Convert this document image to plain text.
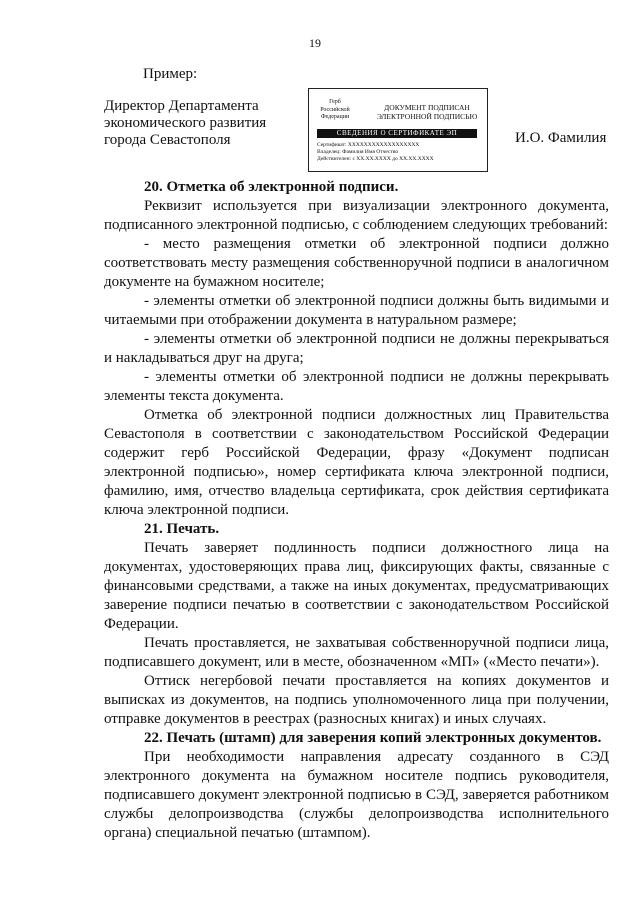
19
Пример:
Директор Департамента
экономического развития
города Севастополя
Герб
Российской
Федерации
ДОКУМЕНТ ПОДПИСАН
ЭЛЕКТРОННОЙ ПОДПИСЬЮ
СВЕДЕНИЯ О СЕРТИФИКАТЕ ЭП
Сертификат: XXXXXXXXXXXXXXXXXX
Владелец: Фамилия Имя Отчество
Действителен: с XX.XX.XXXX до XX.XX.XXXX
И.О. Фамилия

20. Отметка об электронной подписи.

Реквизит используется при визуализации электронного документа, подписанного электронной подписью, с соблюдением следующих требований:

- место размещения отметки об электронной подписи должно соответствовать месту размещения собственноручной подписи в аналогичном документе на бумажном носителе;

- элементы отметки об электронной подписи должны быть видимыми и читаемыми при отображении документа в натуральном размере;

- элементы отметки об электронной подписи не должны перекрываться и накладываться друг на друга;

- элементы отметки об электронной подписи не должны перекрывать элементы текста документа.

Отметка об электронной подписи должностных лиц Правительства Севастополя в соответствии с законодательством Российской Федерации содержит герб Российской Федерации, фразу «Документ подписан электронной подписью», номер сертификата ключа электронной подписи, фамилию, имя, отчество владельца сертификата, срок действия сертификата ключа электронной подписи.

21. Печать.

Печать заверяет подлинность подписи должностного лица на документах, удостоверяющих права лиц, фиксирующих факты, связанные с финансовыми средствами, а также на иных документах, предусматривающих заверение подписи печатью в соответствии с законодательством Российской Федерации.

Печать проставляется, не захватывая собственноручной подписи лица, подписавшего документ, или в месте, обозначенном «МП» («Место печати»).

Оттиск негербовой печати проставляется на копиях документов и выписках из документов, на подпись уполномоченного лица при получении, отправке документов в реестрах (разносных книгах) и иных случаях.

22. Печать (штамп) для заверения копий электронных документов.

При необходимости направления адресату созданного в СЭД электронного документа на бумажном носителе подпись руководителя, подписавшего документ электронной подписью в СЭД, заверяется работником службы делопроизводства (службы делопроизводства исполнительного органа) специальной печатью (штампом).
